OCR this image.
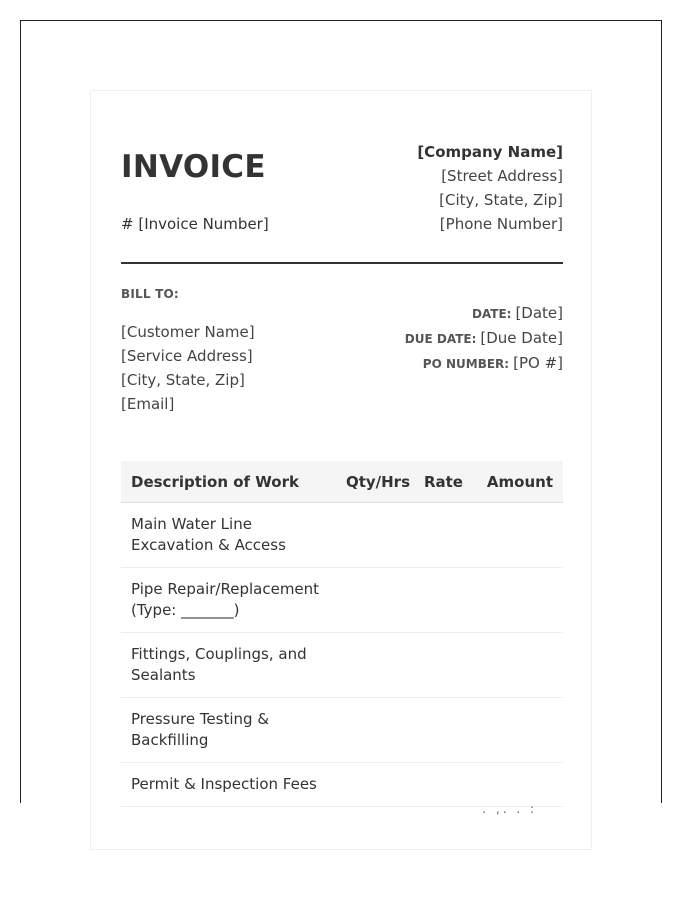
INVOICE
# [Invoice Number]
[Company Name]
[Street Address]
[City, State, Zip]
[Phone Number]
BILL TO:
[Customer Name]
[Service Address]
[City, State, Zip]
[Email]
DATE: [Date]
DUE DATE: [Due Date]
PO NUMBER: [PO #]
Description of Work	Qty/Hrs	Rate	Amount
Main Water Line Excavation & Access			
Pipe Repair/Replacement (Type: _______)			
Fittings, Couplings, and Sealants			
Pressure Testing & Backfilling			
Permit & Inspection Fees			
. ,. . :
